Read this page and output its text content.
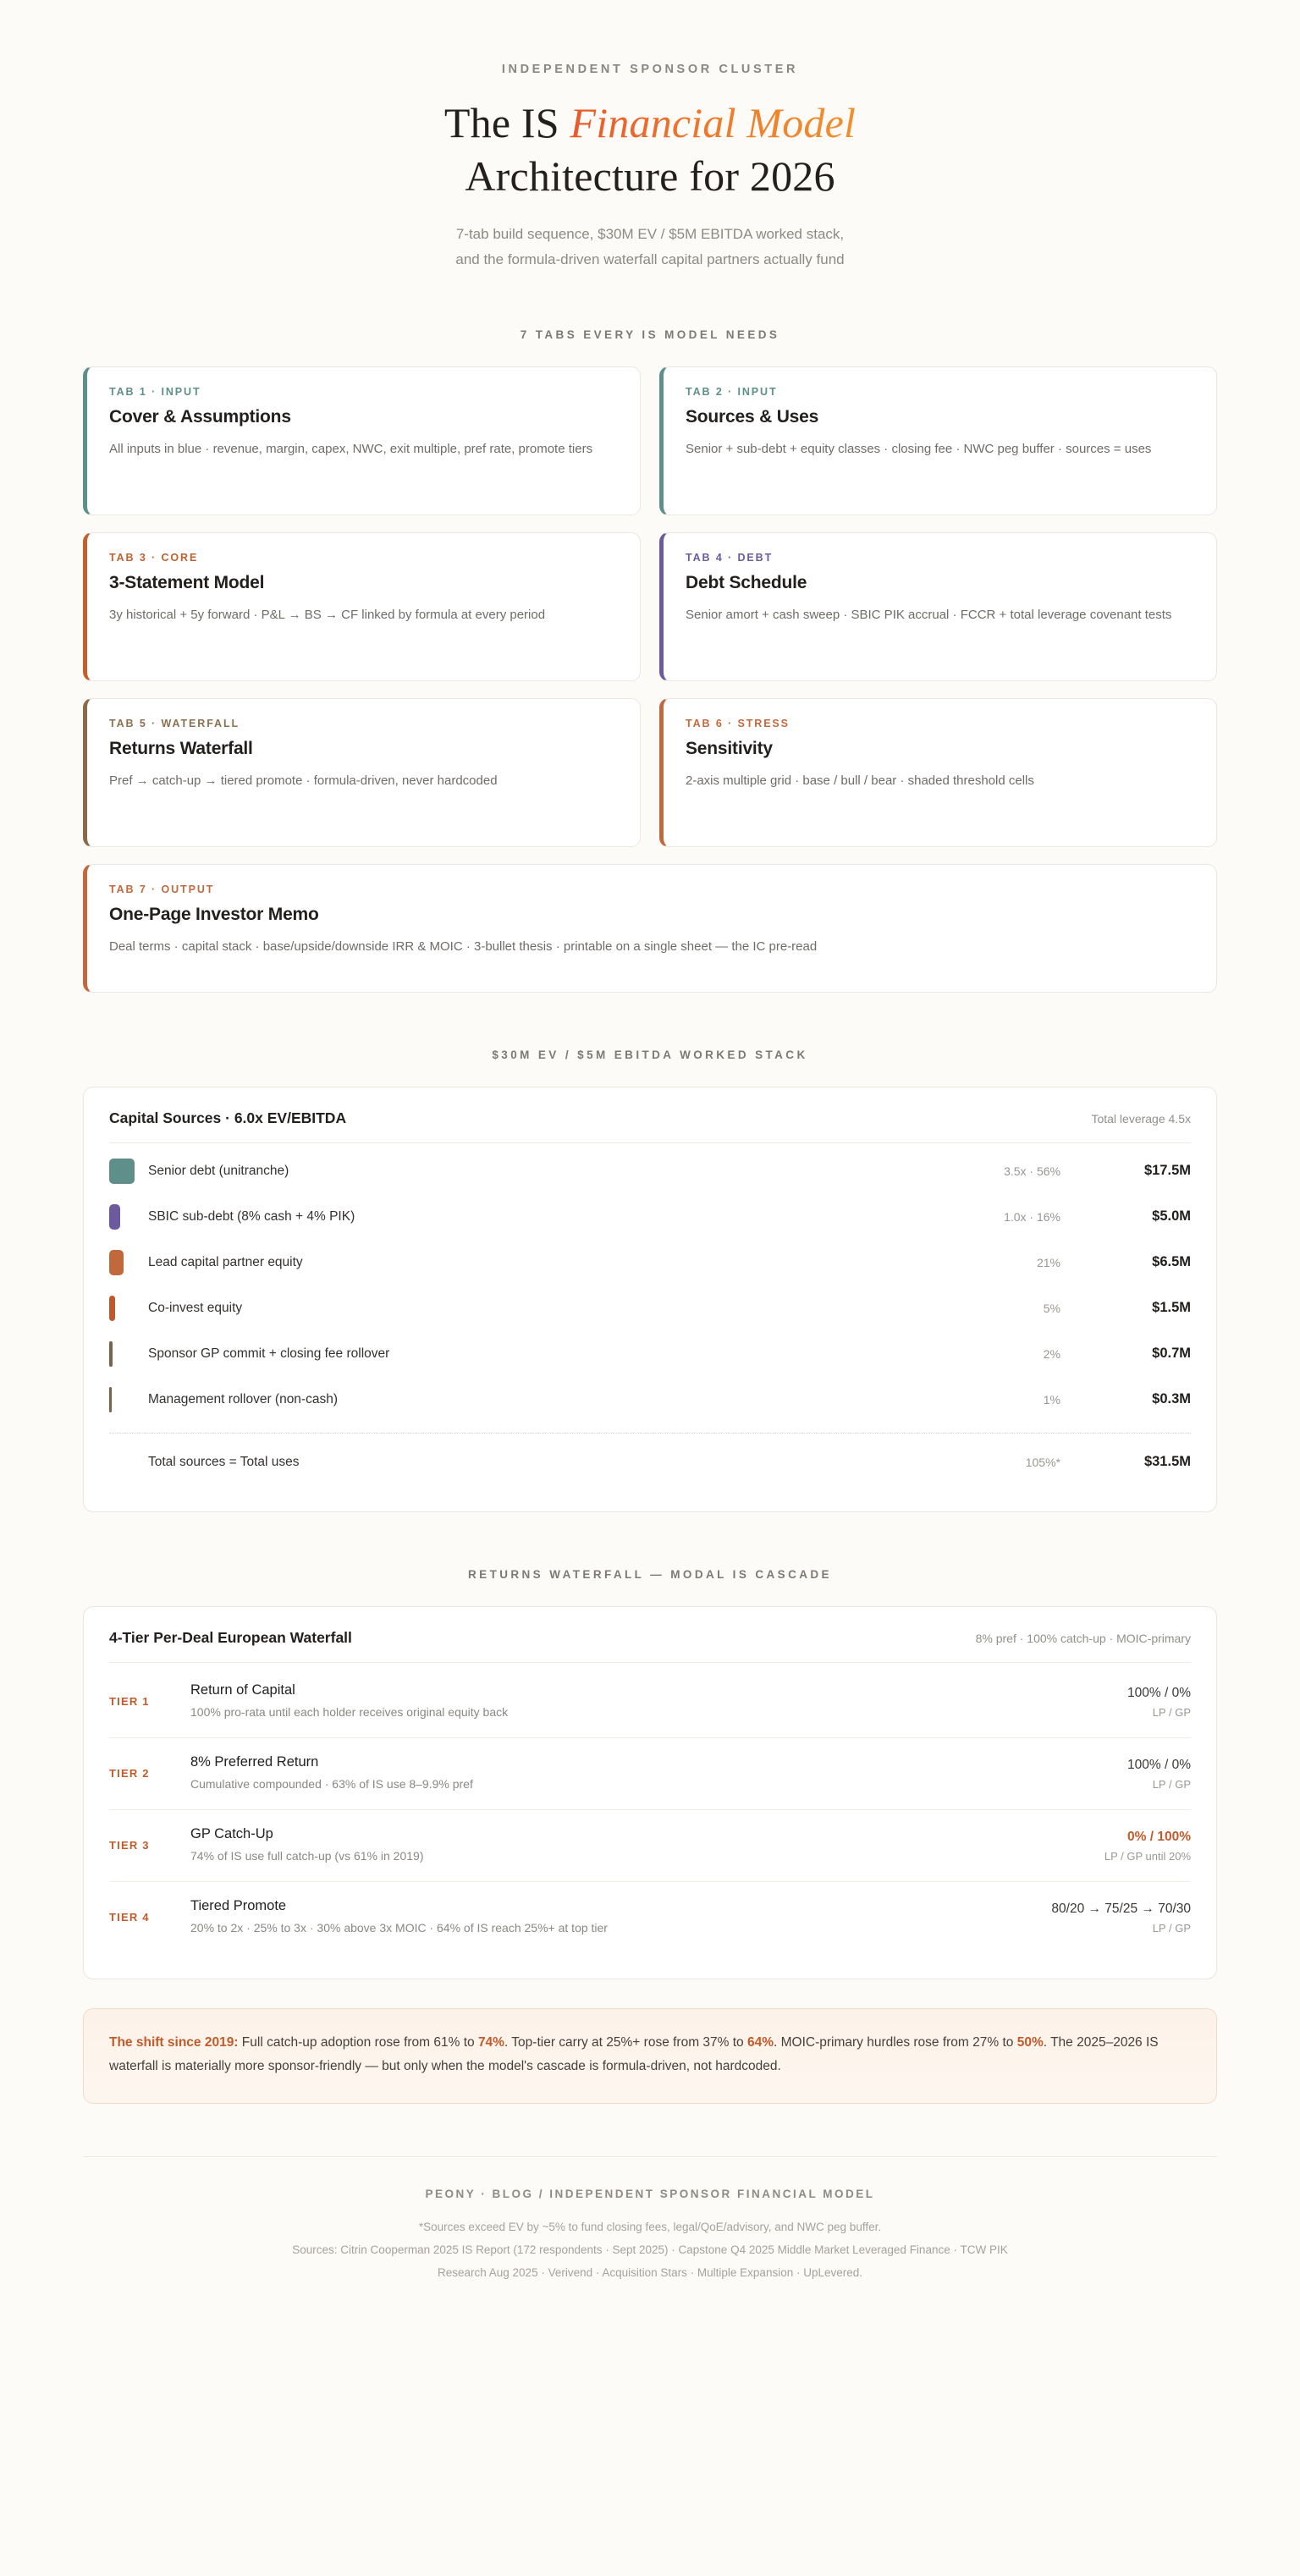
INDEPENDENT SPONSOR CLUSTER
The IS Financial Model
Architecture for 2026

7-tab build sequence, $30M EV / $5M EBITDA worked stack,
and the formula-driven waterfall capital partners actually fund

7 TABS EVERY IS MODEL NEEDS
TAB 1 · INPUT
Cover & Assumptions
All inputs in blue · revenue, margin, capex, NWC, exit multiple, pref rate, promote tiers
TAB 2 · INPUT
Sources & Uses
Senior + sub-debt + equity classes · closing fee · NWC peg buffer · sources = uses
TAB 3 · CORE
3-Statement Model
3y historical + 5y forward · P&L → BS → CF linked by formula at every period
TAB 4 · DEBT
Debt Schedule
Senior amort + cash sweep · SBIC PIK accrual · FCCR + total leverage covenant tests
TAB 5 · WATERFALL
Returns Waterfall
Pref → catch-up → tiered promote · formula-driven, never hardcoded
TAB 6 · STRESS
Sensitivity
2-axis multiple grid · base / bull / bear · shaded threshold cells
TAB 7 · OUTPUT
One-Page Investor Memo
Deal terms · capital stack · base/upside/downside IRR & MOIC · 3-bullet thesis · printable on a single sheet — the IC pre-read
$30M EV / $5M EBITDA WORKED STACK
Capital Sources · 6.0x EV/EBITDA	Total leverage 4.5x
Senior debt (unitranche)	3.5x · 56%	$17.5M
SBIC sub-debt (8% cash + 4% PIK)	1.0x · 16%	$5.0M
Lead capital partner equity	21%	$6.5M
Co-invest equity	5%	$1.5M
Sponsor GP commit + closing fee rollover	2%	$0.7M
Management rollover (non-cash)	1%	$0.3M
Total sources = Total uses	105%*	$31.5M
RETURNS WATERFALL — MODAL IS CASCADE
4-Tier Per-Deal European Waterfall	8% pref · 100% catch-up · MOIC-primary
TIER 1
Return of Capital
100% pro-rata until each holder receives original equity back
100% / 0%
LP / GP
TIER 2
8% Preferred Return
Cumulative compounded · 63% of IS use 8–9.9% pref
100% / 0%
LP / GP
TIER 3
GP Catch-Up
74% of IS use full catch-up (vs 61% in 2019)
0% / 100%
LP / GP until 20%
TIER 4
Tiered Promote
20% to 2x · 25% to 3x · 30% above 3x MOIC · 64% of IS reach 25%+ at top tier
80/20 → 75/25 → 70/30
LP / GP
The shift since 2019: Full catch-up adoption rose from 61% to 74%. Top-tier carry at 25%+ rose from 37% to 64%. MOIC-primary hurdles rose from 27% to 50%. The 2025–2026 IS waterfall is materially more sponsor-friendly — but only when the model's cascade is formula-driven, not hardcoded.
PEONY · BLOG / INDEPENDENT SPONSOR FINANCIAL MODEL
*Sources exceed EV by ~5% to fund closing fees, legal/QoE/advisory, and NWC peg buffer.
Sources: Citrin Cooperman 2025 IS Report (172 respondents · Sept 2025) · Capstone Q4 2025 Middle Market Leveraged Finance · TCW PIK
Research Aug 2025 · Verivend · Acquisition Stars · Multiple Expansion · UpLevered.
